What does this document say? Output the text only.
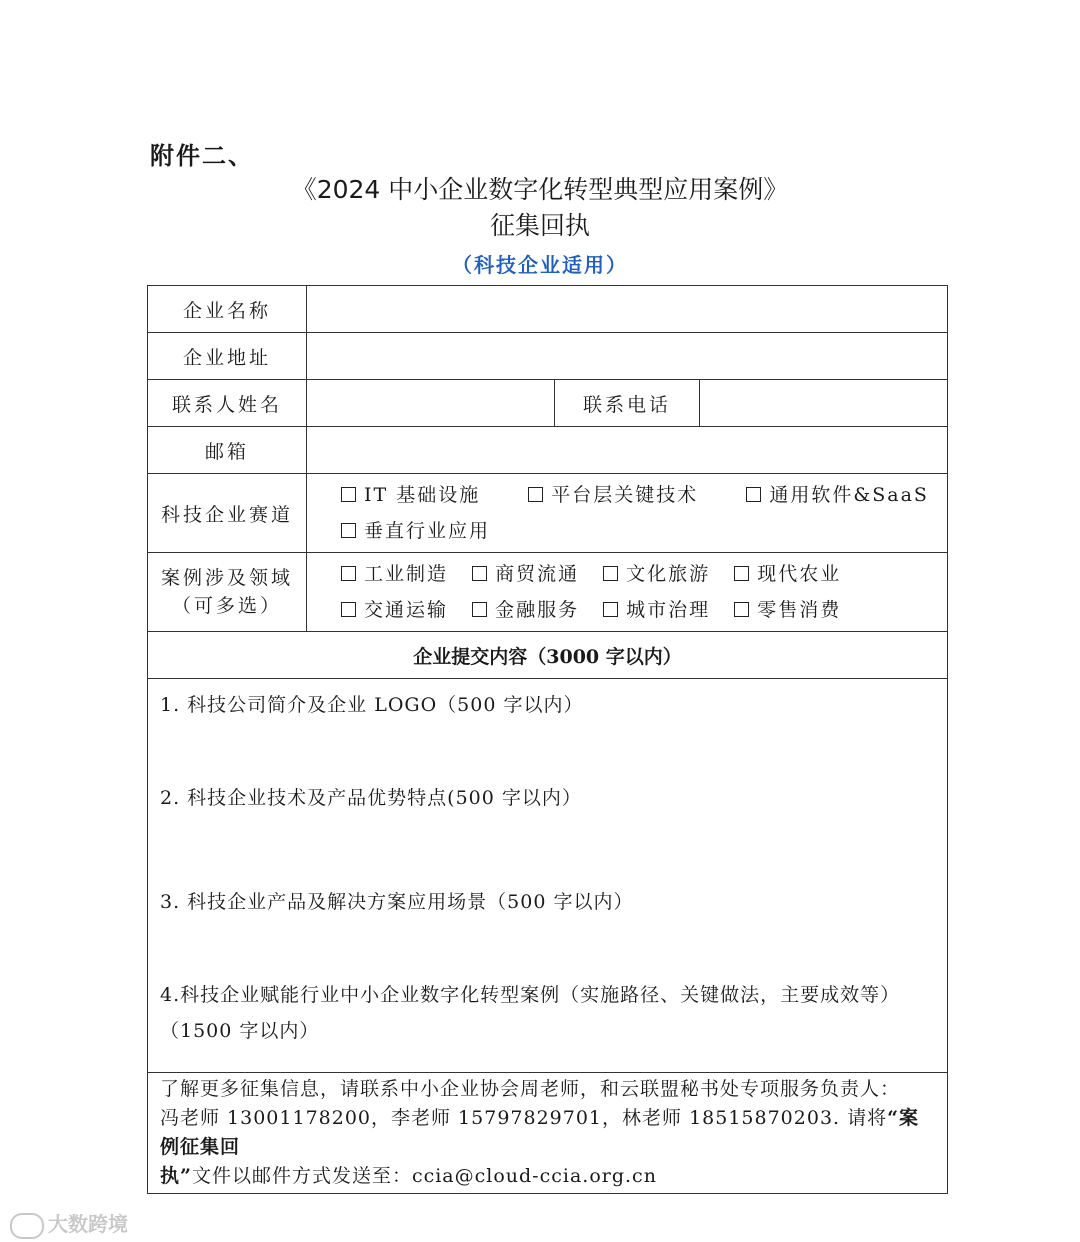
附件二、
《2024 中小企业数字化转型典型应用案例》
征集回执
（科技企业适用）
企业名称			
企业地址			
联系人姓名		联系电话	
邮箱			
科技企业赛道	IT 基础设施 平台层关键技术 通用软件&SaaS
垂直行业应用		
案例涉及领域
（可多选）	工业制造 商贸流通 文化旅游 现代农业
交通运输 金融服务 城市治理 零售消费		
企业提交内容（3000 字以内）			

1. 科技公司简介及企业 LOGO（500 字以内）
2. 科技企业技术及产品优势特点(500 字以内）
3. 科技企业产品及解决方案应用场景（500 字以内）
4.科技企业赋能行业中小企业数字化转型案例（实施路径、关键做法，主要成效等）
（1500 字以内）			

了解更多征集信息，请联系中小企业协会周老师，和云联盟秘书处专项服务负责人：
冯老师 13001178200，李老师 15797829701，林老师 18515870203. 请将“案例征集回
执”文件以邮件方式发送至：ccia@cloud-ccia.org.cn			
大数跨境
